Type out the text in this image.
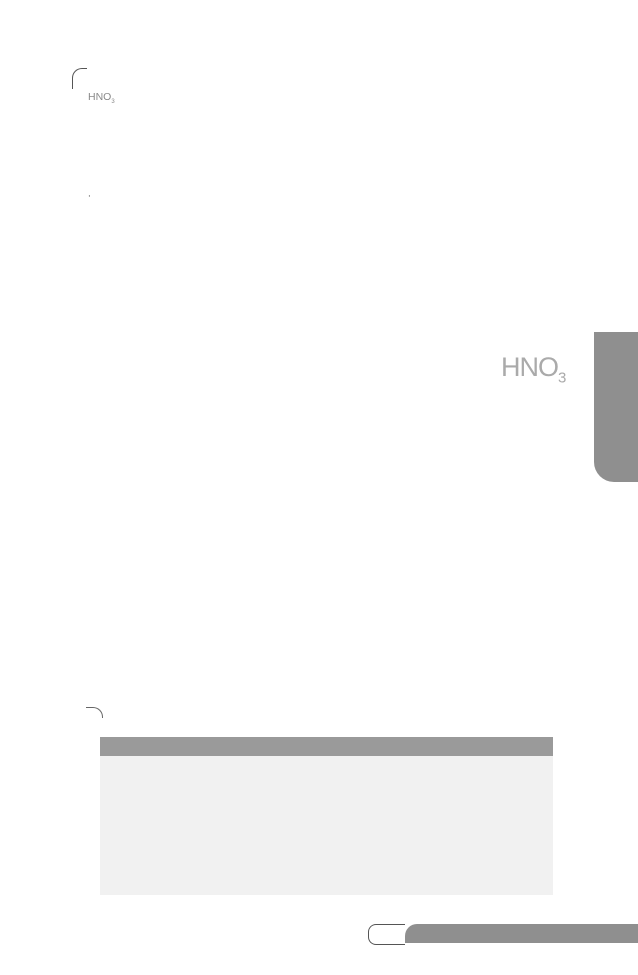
$HNO_3$

$HNO_3$

.
